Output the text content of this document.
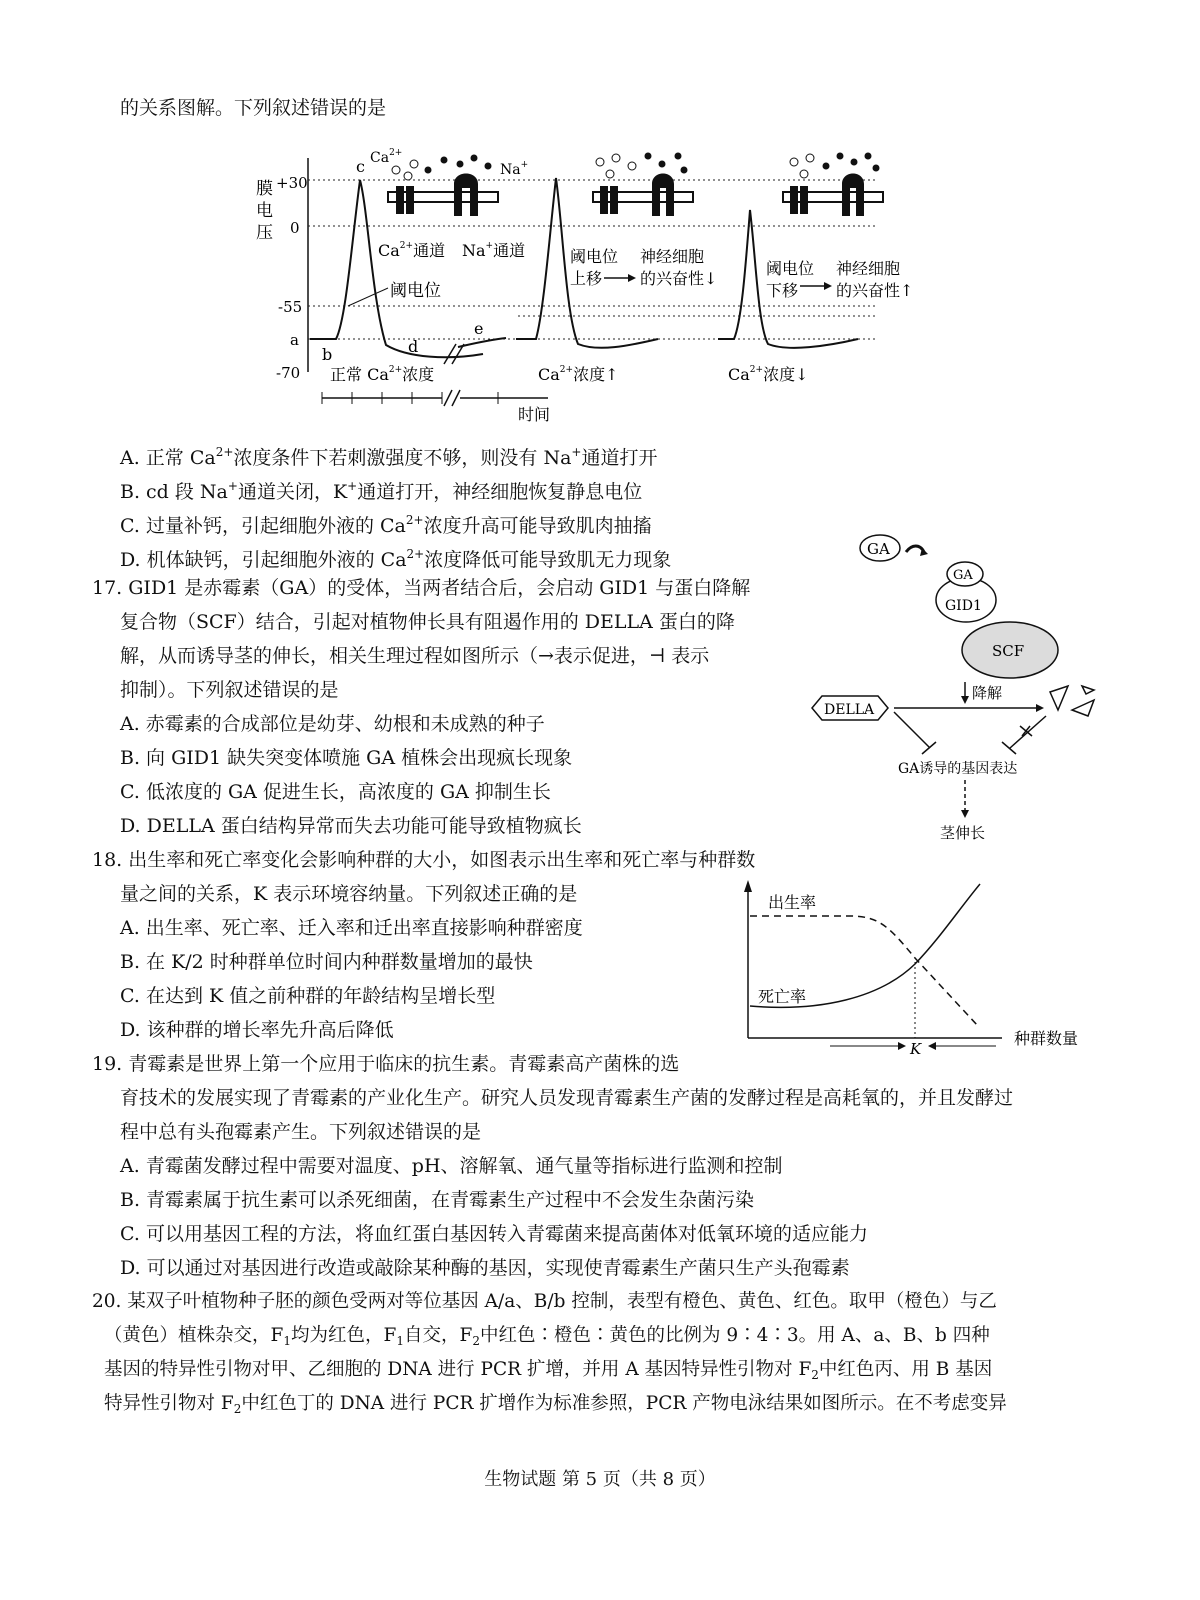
的关系图解。下列叙述错误的是
膜
电
压
+30
0
-55
a
-70
c
b	d
e
阈电位
$Ca^{2+}$
Na+
$Ca^{2+}$通道 Na+通道	阈电位
上移
神经细胞
的兴奋性↓
阈电位
下移
神经细胞
的兴奋性↑
正常 $Ca^{2+}$浓度	$Ca^{2+}$浓度↑	$Ca^{2+}$浓度↓
时间
A. 正常 $Ca^{2+}$浓度条件下若刺激强度不够，则没有 Na+通道打开
B. cd 段 Na+通道关闭，K+通道打开，神经细胞恢复静息电位
C. 过量补钙，引起细胞外液的 $Ca^{2+}$浓度升高可能导致肌肉抽搐
D. 机体缺钙，引起细胞外液的 $Ca^{2+}$浓度降低可能导致肌无力现象
17. GID1 是赤霉素（GA）的受体，当两者结合后，会启动 GID1 与蛋白降解
复合物（SCF）结合，引起对植物伸长具有阻遏作用的 DELLA 蛋白的降
解，从而诱导茎的伸长，相关生理过程如图所示（→表示促进，⊣ 表示
抑制）。下列叙述错误的是
A. 赤霉素的合成部位是幼芽、幼根和未成熟的种子
B. 向 GID1 缺失突变体喷施 GA 植株会出现疯长现象
C. 低浓度的 GA 促进生长，高浓度的 GA 抑制生长
D. DELLA 蛋白结构异常而失去功能可能导致植物疯长
GA
SCF
GID1
GA
降解
DELLA
GA诱导的基因表达
茎伸长
18. 出生率和死亡率变化会影响种群的大小，如图表示出生率和死亡率与种群数
量之间的关系，K 表示环境容纳量。下列叙述正确的是
A. 出生率、死亡率、迁入率和迁出率直接影响种群密度
B. 在 K/2 时种群单位时间内种群数量增加的最快
C. 在达到 K 值之前种群的年龄结构呈增长型
D. 该种群的增长率先升高后降低
出生率
死亡率
K
种群数量
19. 青霉素是世界上第一个应用于临床的抗生素。青霉素高产菌株的选
育技术的发展实现了青霉素的产业化生产。研究人员发现青霉素生产菌的发酵过程是高耗氧的，并且发酵过
程中总有头孢霉素产生。下列叙述错误的是
A. 青霉菌发酵过程中需要对温度、pH、溶解氧、通气量等指标进行监测和控制
B. 青霉素属于抗生素可以杀死细菌，在青霉素生产过程中不会发生杂菌污染
C. 可以用基因工程的方法，将血红蛋白基因转入青霉菌来提高菌体对低氧环境的适应能力
D. 可以通过对基因进行改造或敲除某种酶的基因，实现使青霉素生产菌只生产头孢霉素
20. 某双子叶植物种子胚的颜色受两对等位基因 A/a、B/b 控制，表型有橙色、黄色、红色。取甲（橙色）与乙
（黄色）植株杂交，$F_1$均为红色，$F_1$自交，$F_2$中红色∶橙色∶黄色的比例为 9∶4∶3。用 A、a、B、b 四种
基因的特异性引物对甲、乙细胞的 DNA 进行 PCR 扩增，并用 A 基因特异性引物对 $F_2$中红色丙、用 B 基因
特异性引物对 $F_2$中红色丁的 DNA 进行 PCR 扩增作为标准参照，PCR 产物电泳结果如图所示。在不考虑变异
生物试题 第 5 页（共 8 页）
